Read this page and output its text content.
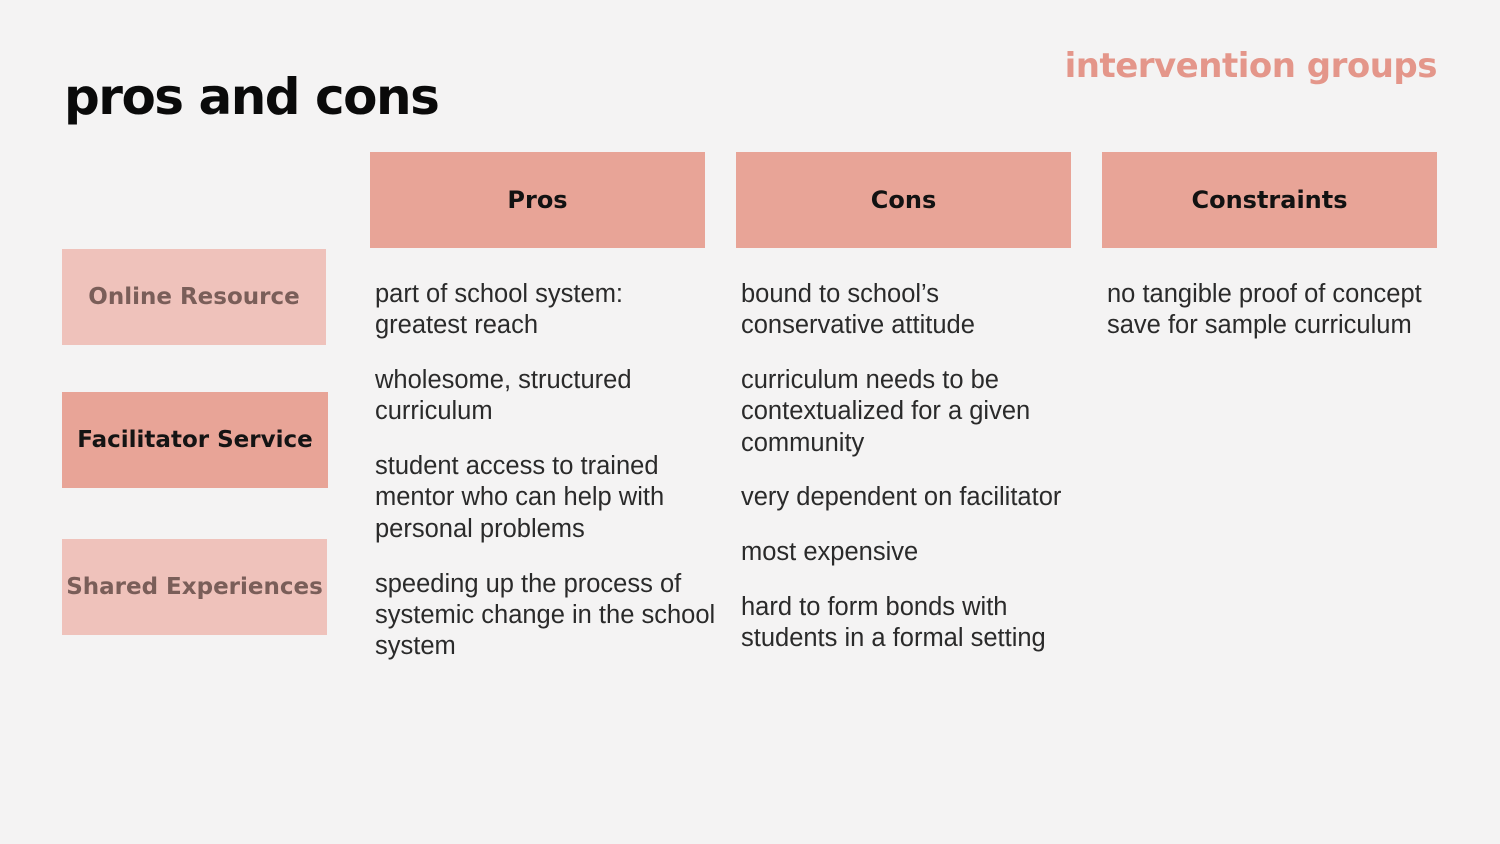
pros and cons
intervention groups
Pros	Cons	Constraints
Online Resource
Facilitator Service
Shared Experiences
part of school system: greatest reach
wholesome, structured curriculum
student access to trained mentor who can help with personal problems
speeding up the process of systemic change in the school system
bound to school’s conservative attitude
curriculum needs to be contextualized for a given community
very dependent on facilitator
most expensive
hard to form bonds with students in a formal setting
no tangible proof of concept save for sample curriculum
